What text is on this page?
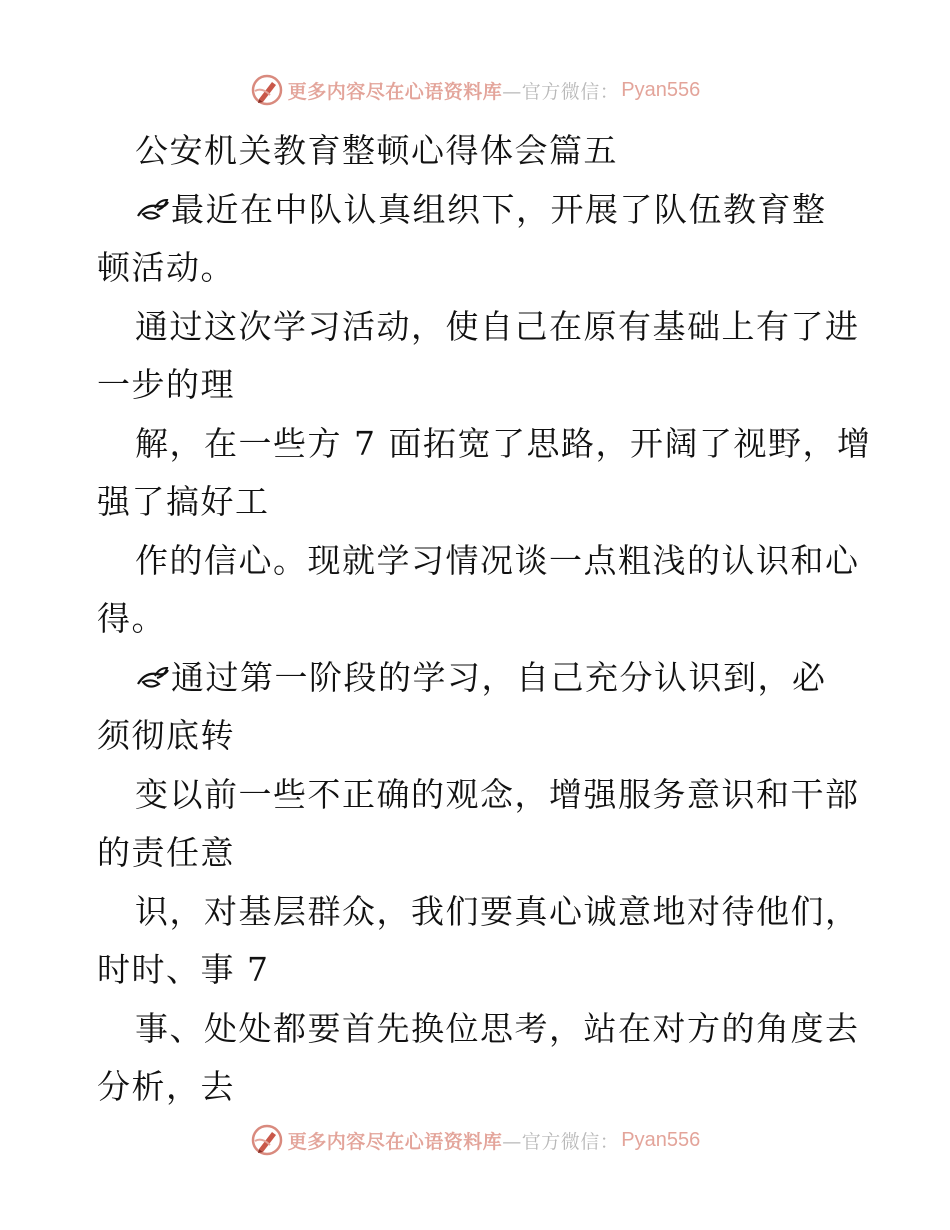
更多内容尽在心语资料库 —官方微信： Pyan556
公安机关教育整顿心得体会篇五
最近在中队认真组织下，开展了队伍教育整
顿活动。
通过这次学习活动，使自己在原有基础上有了进
一步的理
解，在一些方 7 面拓宽了思路，开阔了视野，增
强了搞好工
作的信心。现就学习情况谈一点粗浅的认识和心
得。
通过第一阶段的学习，自己充分认识到，必
须彻底转
变以前一些不正确的观念，增强服务意识和干部
的责任意
识，对基层群众，我们要真心诚意地对待他们，
时时、事 7
事、处处都要首先换位思考，站在对方的角度去
分析，去
更多内容尽在心语资料库 —官方微信： Pyan556
